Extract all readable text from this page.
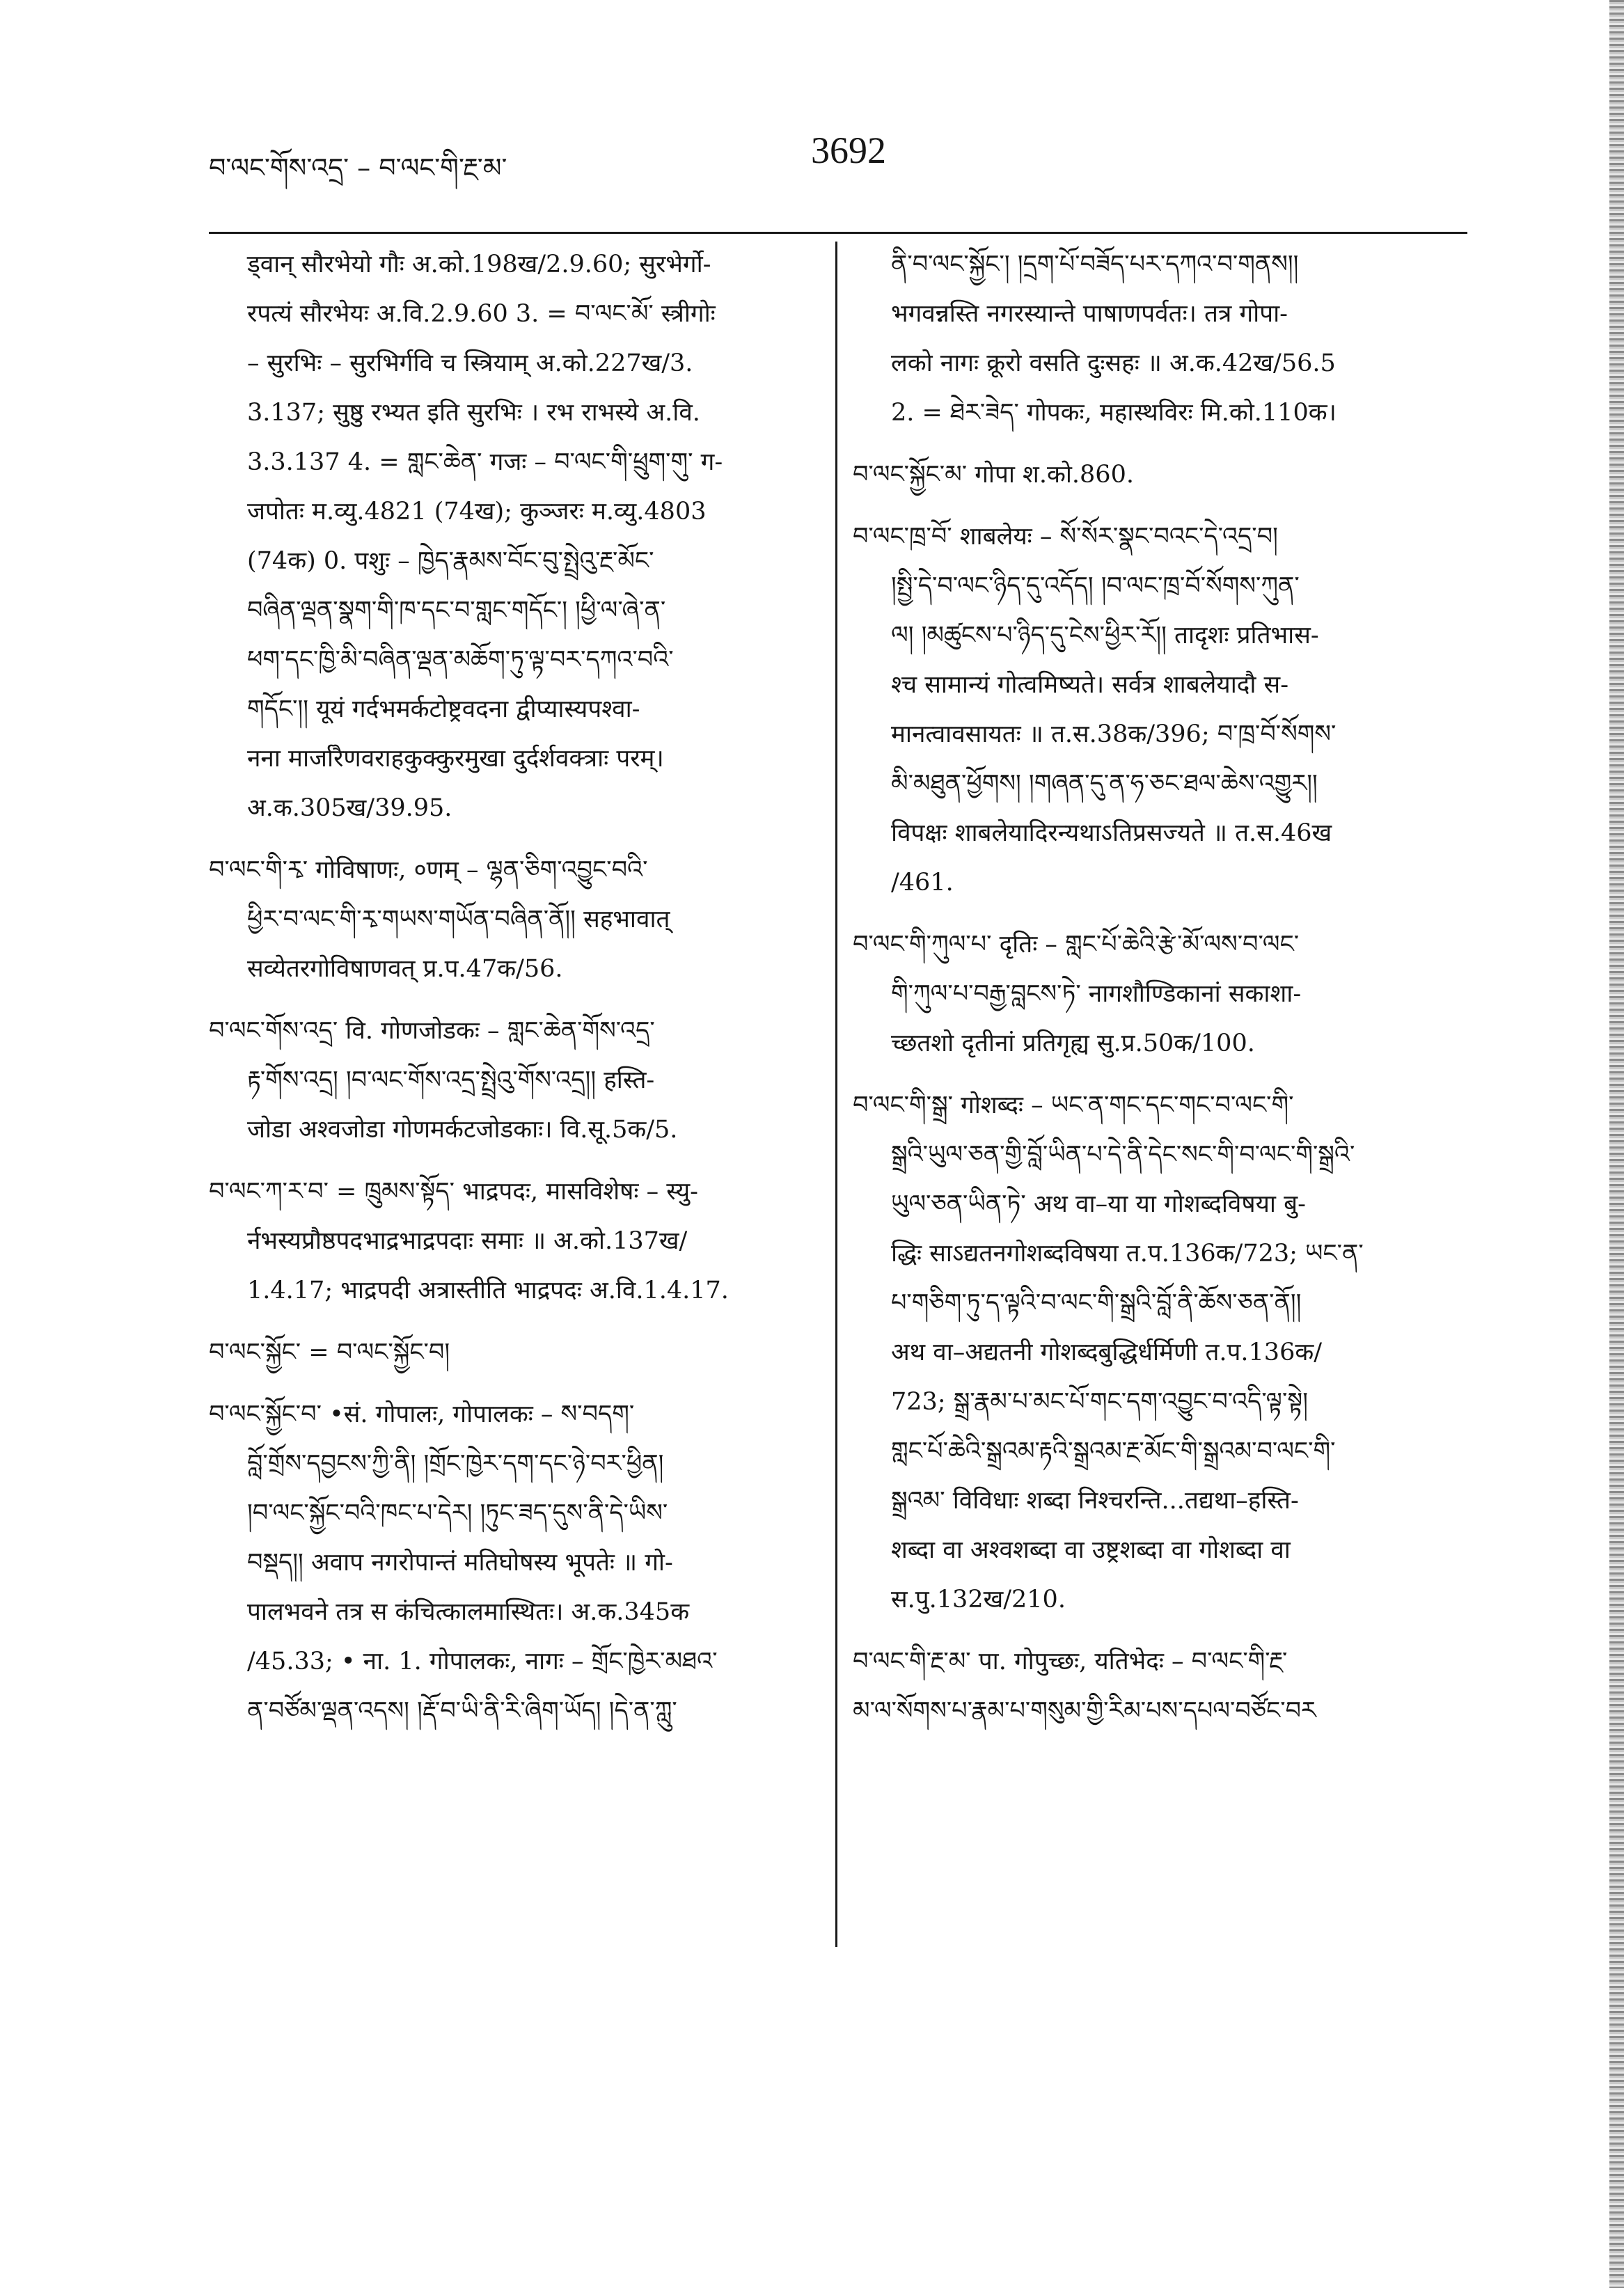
བ་ལང་གོས་འདྲ་ – བ་ལང་གི་རྔ་མ་	3692
ड्वान् सौरभेयो गौः अ.को.198ख/2.9.60; सुरभेर्गो-
रपत्यं सौरभेयः अ.वि.2.9.60 3. = བ་ལང་མོ་ स्त्रीगोः
– सुरभिः – सुरभिर्गवि च स्त्रियाम् अ.को.227ख/3.
3.137; सुष्ठु रभ्यत इति सुरभिः । रभ राभस्ये अ.वि.
3.3.137 4. = གླང་ཆེན་ गजः – བ་ལང་གི་ཕྲུག་གུ་ ग-
जपोतः म.व्यु.4821 (74ख); कुञ्जरः म.व्यु.4803
(74क) 0. पशुः – ཁྱེད་རྣམས་བོང་བུ་སྤྲེའུ་རྔ་མོང་
བཞིན་ལྡན་སྣག་གི་ཁ་དང་བ་གླང་གདོང་། །ཕྱི་ལ་ཞེ་ན་
ཕག་དང་ཁྱི་མི་བཞིན་ལྡན་མཆོག་ཏུ་ལྟ་བར་དཀའ་བའི་
གདོང་།། यूयं गर्दभमर्कटोष्ट्रवदना द्वीप्यास्यपश्वा-
नना मार्जारैणवराहकुक्कुरमुखा दुर्दर्शवक्त्राः परम्।
अ.क.305ख/39.95.
བ་ལང་གི་རྭ་ गोविषाणः, ०णम् – ལྷན་ཅིག་འབྱུང་བའི་
ཕྱིར་བ་ལང་གི་རྭ་གཡས་གཡོན་བཞིན་ནོ།། सहभावात्
सव्येतरगोविषाणवत् प्र.प.47क/56.
བ་ལང་གོས་འདྲ་ वि. गोणजोडकः – གླང་ཆེན་གོས་འདྲ་
རྟ་གོས་འདྲ། །བ་ལང་གོས་འདྲ་སྤྲེའུ་གོས་འདྲ།། हस्ति-
जोडा अश्वजोडा गोणमर्कटजोडकाः। वि.सू.5क/5.
བ་ལང་ཀ་ར་བ་ = ཁྲུམས་སྟོད་ भाद्रपदः, मासविशेषः – स्यु-
र्नभस्यप्रौष्ठपदभाद्रभाद्रपदाः समाः ॥ अ.को.137ख/
1.4.17; भाद्रपदी अत्रास्तीति भाद्रपदः अ.वि.1.4.17.
བ་ལང་སྐྱོང་ = བ་ལང་སྐྱོང་བ།
བ་ལང་སྐྱོང་བ་ •सं. गोपालः, गोपालकः – ས་བདག་
བློ་གྲོས་དབྱངས་ཀྱི་ནི། །གྲོང་ཁྱེར་དག་དང་ཉེ་བར་ཕྱིན།
།བ་ལང་སྐྱོང་བའི་ཁང་པ་དེར། །ཏུང་ཟད་དུས་ནི་དེ་ཡིས་
བསྡད།། अवाप नगरोपान्तं मतिघोषस्य भूपतेः ॥ गो-
पालभवने तत्र स कंचित्कालमास्थितः। अ.क.345क
/45.33; • ना. 1. गोपालकः, नागः – གྲོང་ཁྱེར་མཐའ་
ན་བཙོམ་ལྡན་འདས། །རྡོ་བ་ཡི་ནི་རི་ཞིག་ཡོད། །དེ་ན་ཀླུ་
ནི་བ་ལང་སྐྱོང་། །དྲག་པོ་བཟོད་པར་དཀའ་བ་གནས།།
भगवन्नस्ति नगरस्यान्ते पाषाणपर्वतः। तत्र गोपा-
लको नागः क्रूरो वसति दुःसहः ॥ अ.क.42ख/56.5
2. = ཐེར་ཟེད་ गोपकः, महास्थविरः मि.को.110क।
བ་ལང་སྐྱོང་མ་ गोपा श.को.860.
བ་ལང་ཁྲ་བོ་ शाबलेयः – སོ་སོར་སྣང་བའང་དེ་འདྲ་བ།
།སྤྱི་དེ་བ་ལང་ཉིད་དུ་འདོད། །བ་ལང་ཁྲ་བོ་སོགས་ཀུན་
ལ། །མཚུངས་པ་ཉིད་དུ་ངེས་ཕྱིར་རོ།། तादृशः प्रतिभास-
श्च सामान्यं गोत्वमिष्यते। सर्वत्र शाबलेयादौ स-
मानत्वावसायतः ॥ त.स.38क/396; བ་ཁྲ་བོ་སོགས་
མི་མཐུན་ཕྱོགས། །གཞན་དུ་ན་ཧ་ཅང་ཐལ་ཆེས་འགྱུར།།
विपक्षः शाबलेयादिरन्यथाऽतिप्रसज्यते ॥ त.स.46ख
/461.
བ་ལང་གི་ཀུལ་པ་ दृतिः – གླང་པོ་ཆེའི་རྩེ་མོ་ལས་བ་ལང་
གི་ཀུལ་པ་བརྒྱ་བླངས་ཏེ་ नागशौण्डिकानां सकाशा-
च्छतशो दृतीनां प्रतिगृह्य सु.प्र.50क/100.
བ་ལང་གི་སྒྲ་ गोशब्दः – ཡང་ན་གང་དང་གང་བ་ལང་གི་
སྒྲའི་ཡུལ་ཅན་གྱི་བློ་ཡིན་པ་དེ་ནི་དེང་སང་གི་བ་ལང་གི་སྒྲའི་
ཡུལ་ཅན་ཡིན་ཏེ་ अथ वा–या या गोशब्दविषया बु-
द्धिः साऽद्यतनगोशब्दविषया त.प.136क/723; ཡང་ན་
པ་གཅིག་ཏུ་ད་ལྟའི་བ་ལང་གི་སྒྲའི་བློ་ནི་ཆོས་ཅན་ནོ།།
अथ वा–अद्यतनी गोशब्दबुद्धिर्धर्मिणी त.प.136क/
723; སྒྲ་རྣམ་པ་མང་པོ་གང་དག་འབྱུང་བ་འདི་ལྟ་སྟེ།
གླང་པོ་ཆེའི་སྒྲའམ་རྟའི་སྒྲའམ་རྔ་མོང་གི་སྒྲའམ་བ་ལང་གི་
སྒྲའམ་ विविधाः शब्दा निश्चरन्ति...तद्यथा–हस्ति-
शब्दा वा अश्वशब्दा वा उष्ट्रशब्दा वा गोशब्दा वा
स.पु.132ख/210.
བ་ལང་གི་རྔ་མ་ पा. गोपुच्छः, यतिभेदः – བ་ལང་གི་རྔ་
མ་ལ་སོགས་པ་རྣམ་པ་གསུམ་གྱི་རིམ་པས་དཔལ་བཙོང་བར
